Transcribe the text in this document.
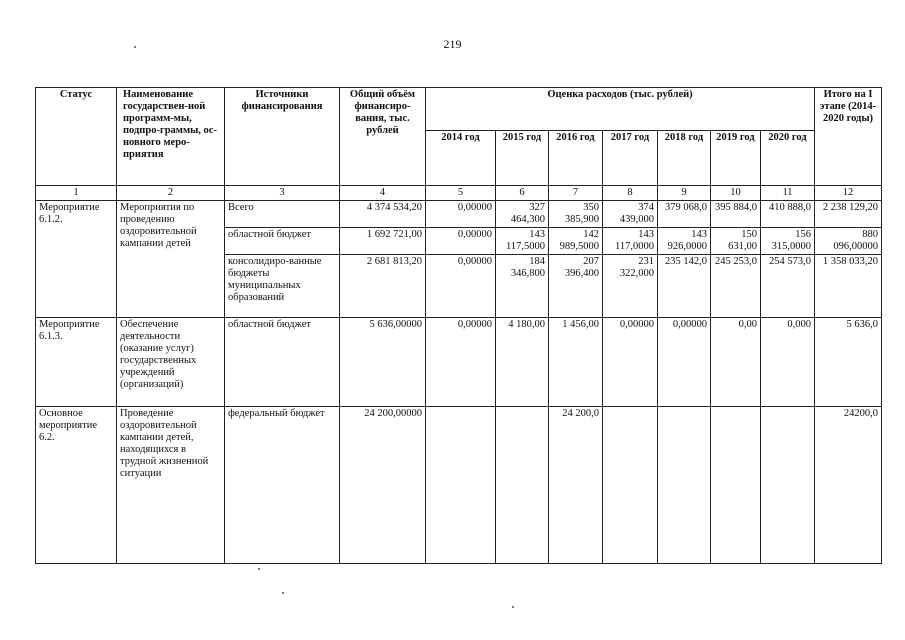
219
Статус	Наименование государствен-ной программ-мы, подпро-граммы, ос-новного меро-приятия	Источники финансирования	Общий объём финансиро-вания, тыс. рублей	Оценка расходов (тыс. рублей)							Итого на I этапе (2014-2020 годы)
				2014 год	2015 год	2016 год	2017 год	2018 год	2019 год	2020 год	
1	2	3	4	5	6	7	8	9	10	11	12
Мероприятие 6.1.2.	Мероприятия по проведению оздоровительной кампании детей	Всего	4 374 534,20	0,00000	327 464,300	350 385,900	374 439,000	379 068,0	395 884,0	410 888,0	2 238 129,20
		областной бюджет	1 692 721,00	0,00000	143 117,5000	142 989,5000	143 117,0000	143 926,0000	150 631,00	156 315,0000	880 096,00000
		консолидиро-ванные бюджеты муниципальных образований	2 681 813,20	0,00000	184 346,800	207 396,400	231 322,000	235 142,0	245 253,0	254 573,0	1 358 033,20
Мероприятие 6.1.3.	Обеспечение деятельности (оказание услуг) государственных учреждений (организаций)	областной бюджет	5 636,00000	0,00000	4 180,00	1 456,00	0,00000	0,00000	0,00	0,000	5 636,0
Основное мероприятие 6.2.	Проведение оздоровительной кампании детей, находящихся в трудной жизненной ситуации	федеральный бюджет	24 200,00000			24 200,0					24200,0
